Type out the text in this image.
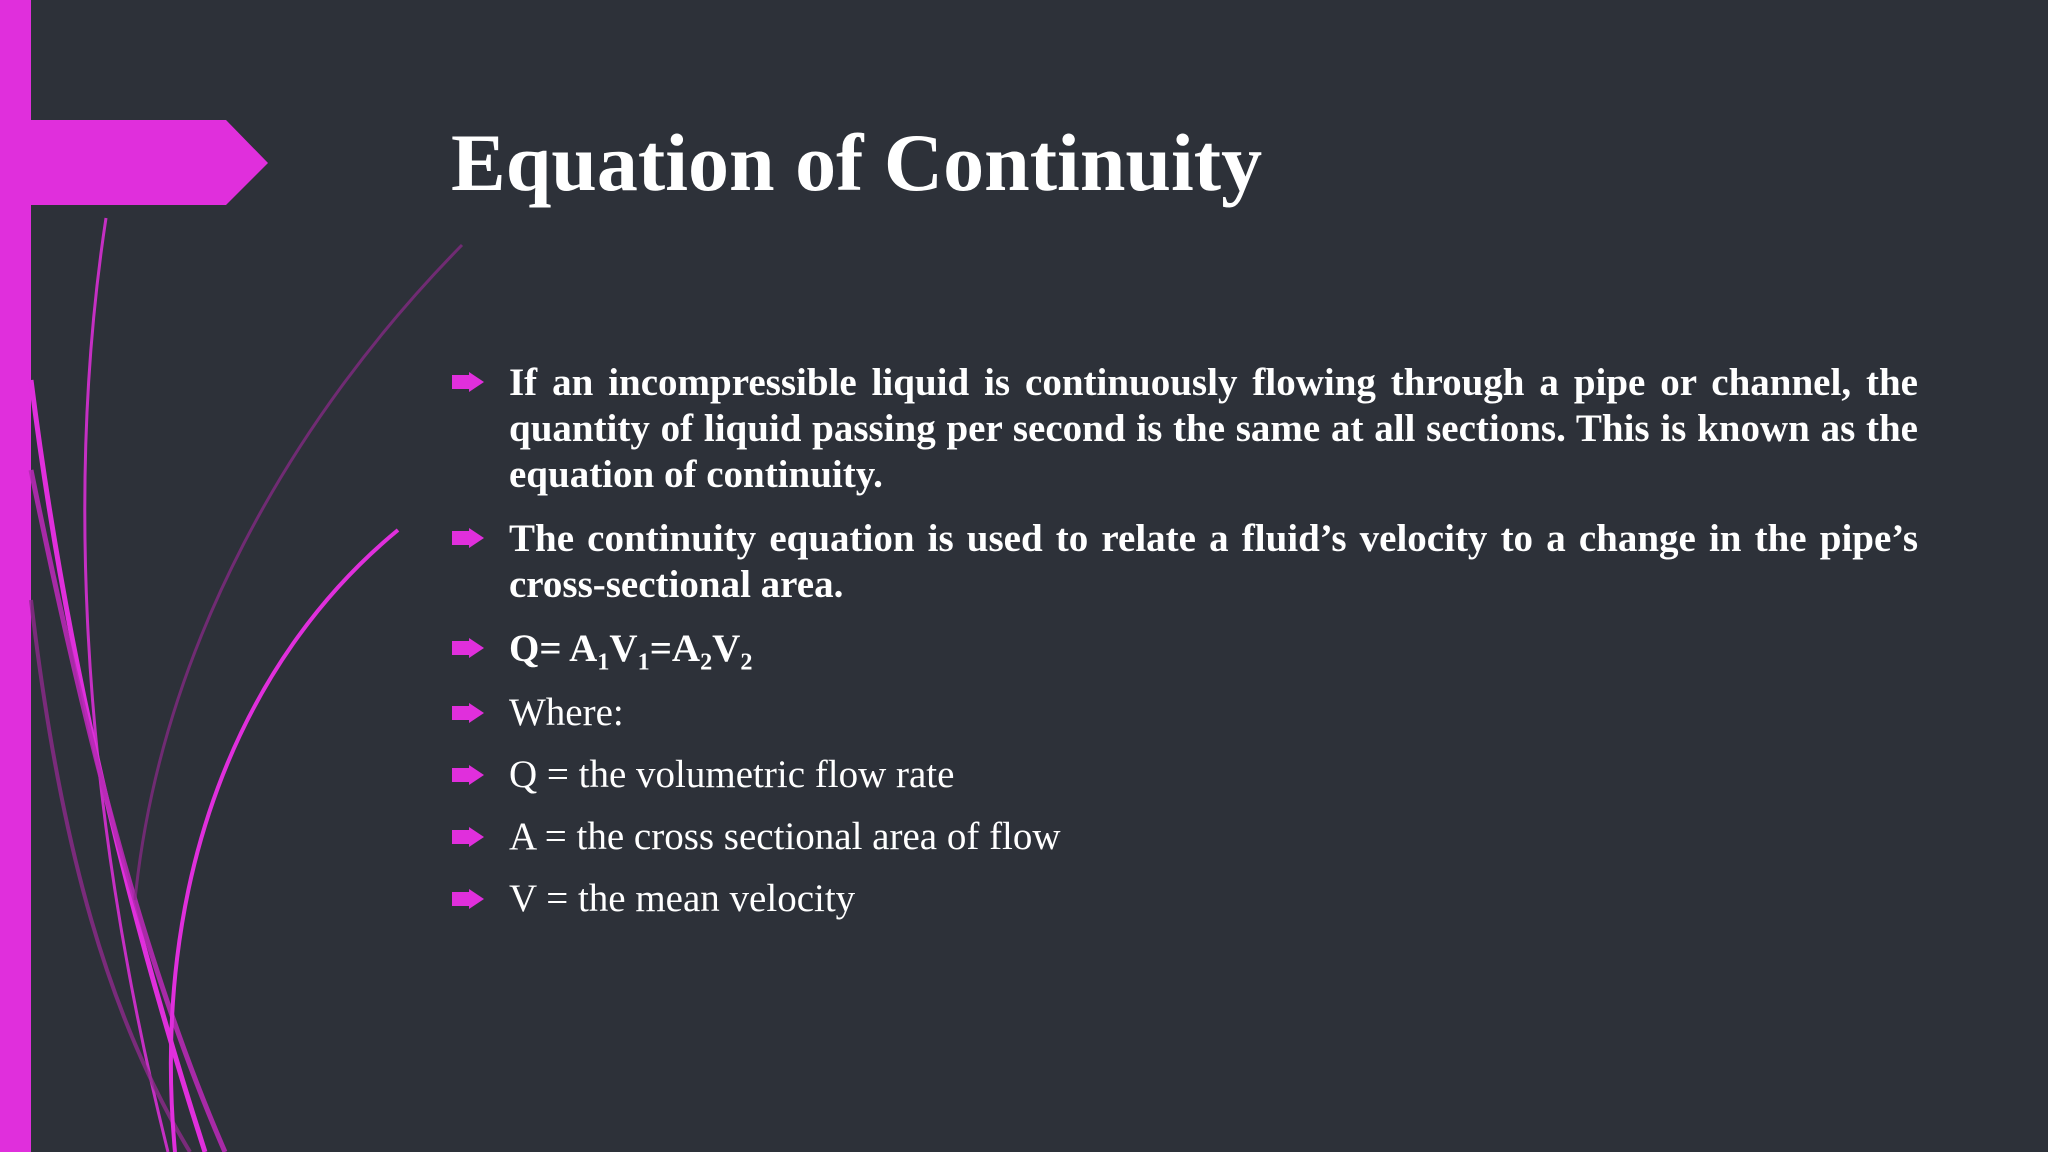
Equation of Continuity
If an incompressible liquid is continuously flowing through a pipe or channel, the quantity of liquid passing per second is the same at all sections. This is known as the equation of continuity.
The continuity equation is used to relate a fluid’s velocity to a change in the pipe’s cross-sectional area.
$Q= A_1V_1=A_2V_2$
Where:
Q = the volumetric flow rate
A = the cross sectional area of flow
V = the mean velocity
